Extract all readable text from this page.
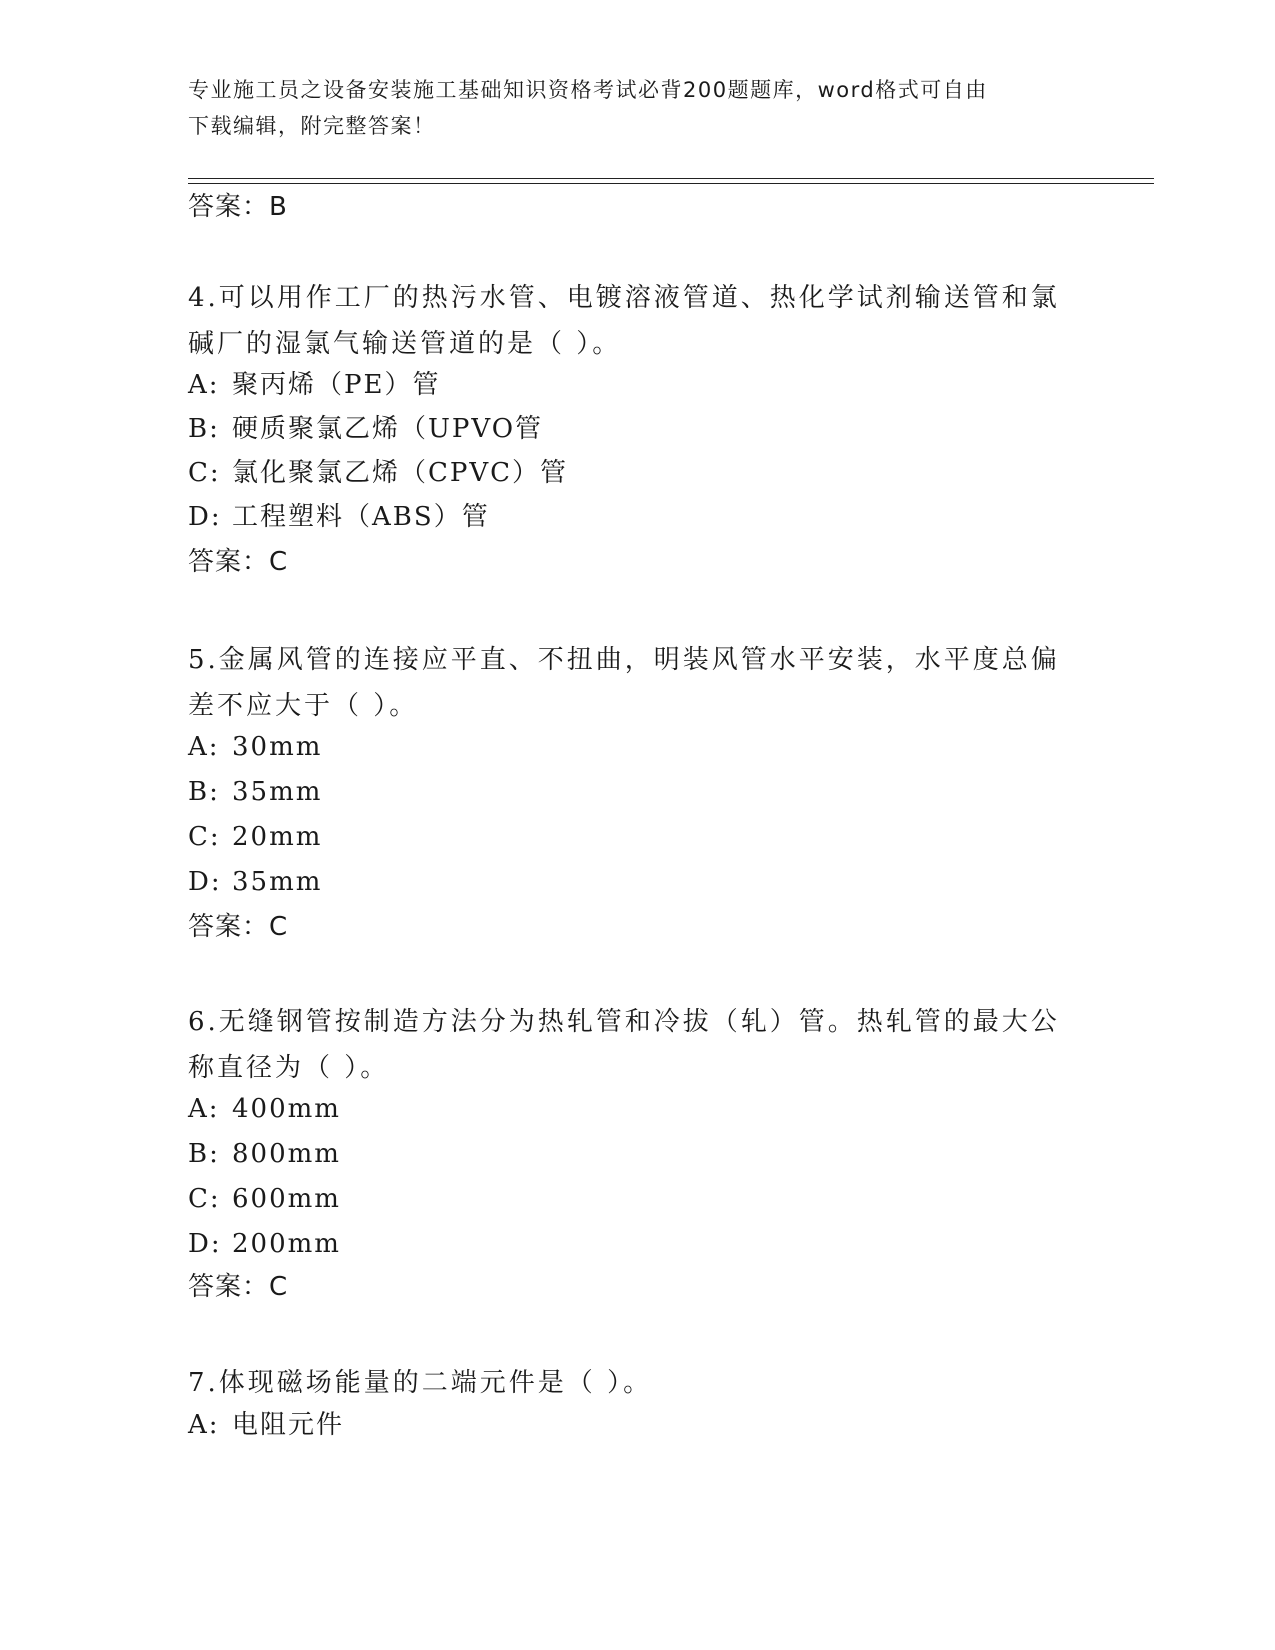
专业施工员之设备安装施工基础知识资格考试必背200题题库，word格式可自由
下载编辑，附完整答案！
答案：B
4.可以用作工厂的热污水管、电镀溶液管道、热化学试剂输送管和氯
碱厂的湿氯气输送管道的是（ ）。
A: 聚丙烯（PE）管
B: 硬质聚氯乙烯（UPVO管
C: 氯化聚氯乙烯（CPVC）管
D: 工程塑料（ABS）管
答案：C
5.金属风管的连接应平直、不扭曲，明装风管水平安装，水平度总偏
差不应大于（ ）。
A: 30mm
B: 35mm
C: 20mm
D: 35mm
答案：C
6.无缝钢管按制造方法分为热轧管和冷拔（轧）管。热轧管的最大公
称直径为（ ）。
A: 400mm
B: 800mm
C: 600mm
D: 200mm
答案：C
7.体现磁场能量的二端元件是（ ）。
A: 电阻元件
